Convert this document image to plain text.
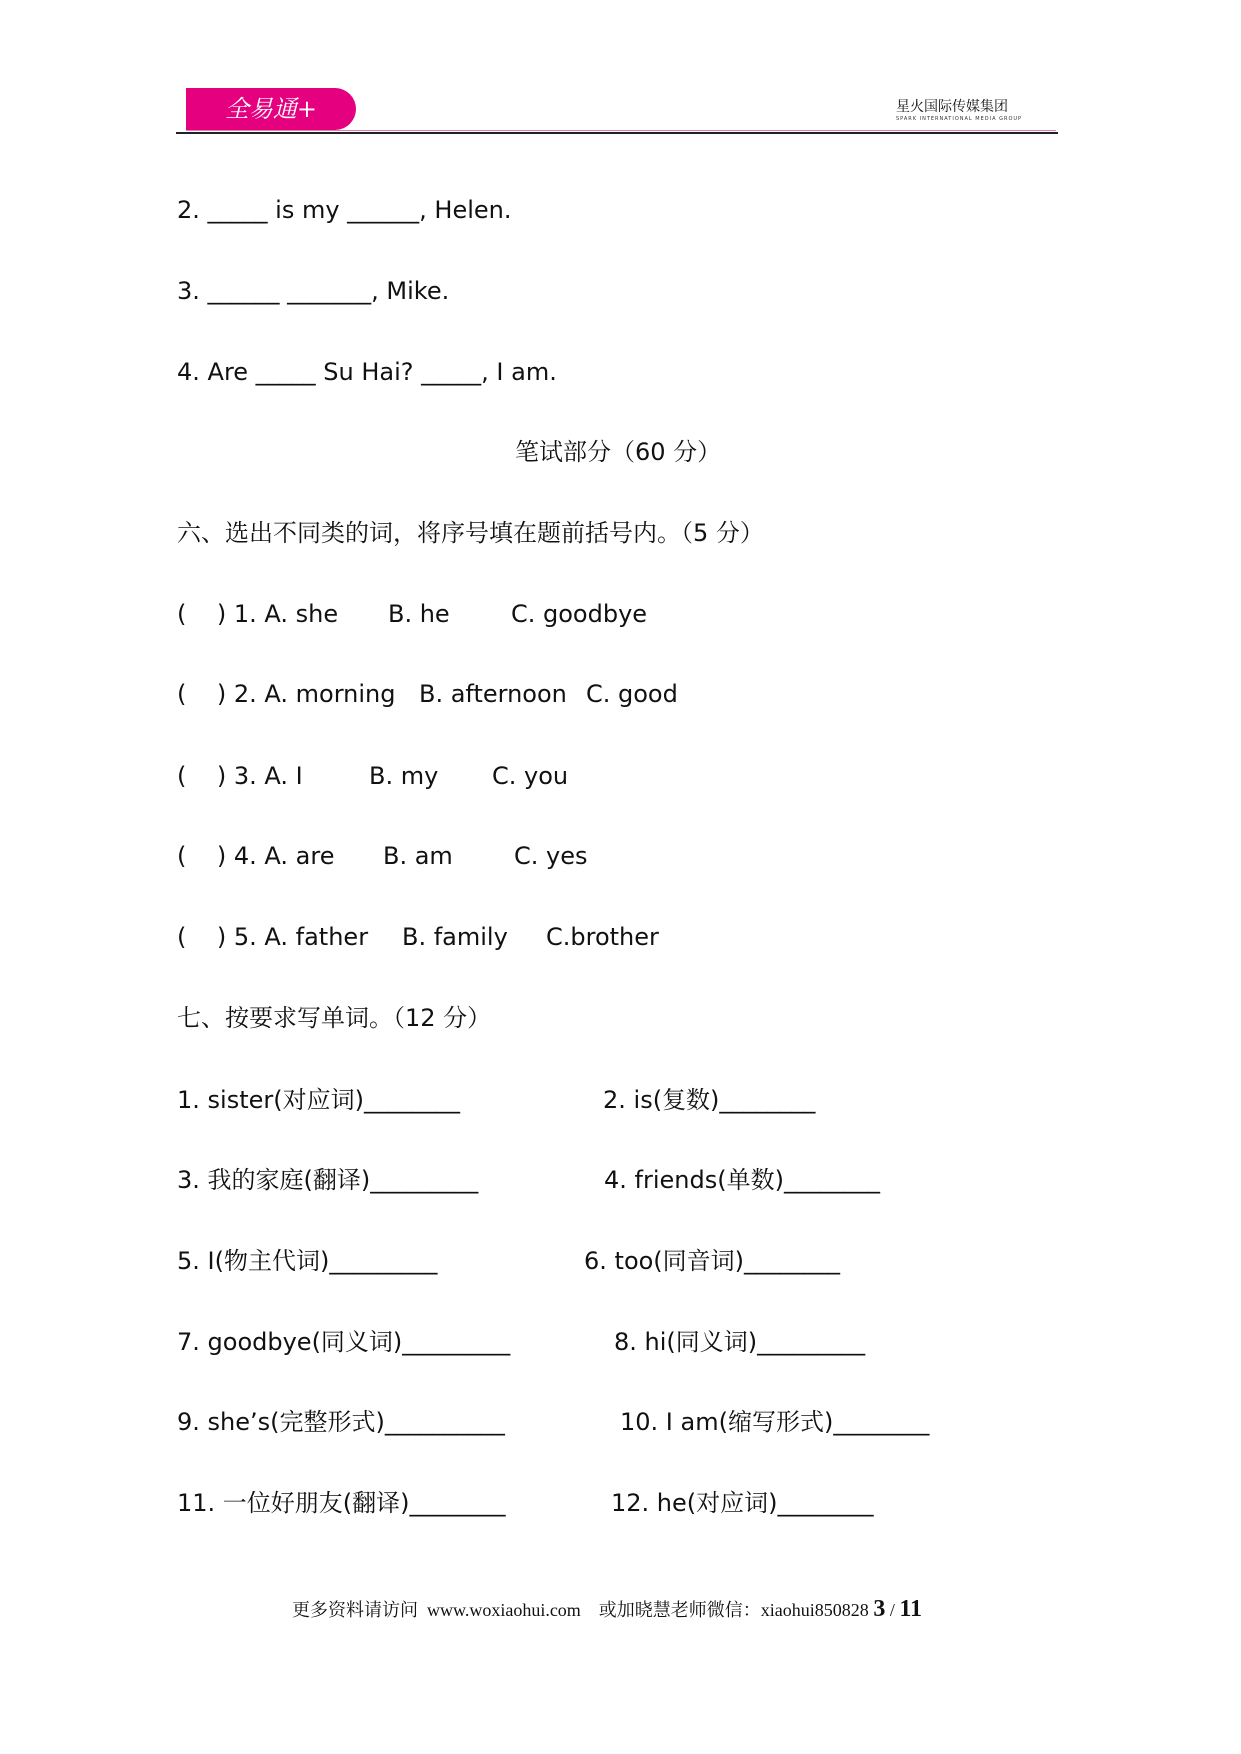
全易通+	星火国际传媒集团
SPARK INTERNATIONAL MEDIA GROUP
2. _____ is my ______, Helen.
3. ______ _______, Mike.
4. Are _____ Su Hai? _____, I am.
笔试部分（60 分）
六、选出不同类的词，将序号填在题前括号内。（5 分）
(    ) 1. A. she B. he	C. goodbye
(    ) 2. A. morning B. afternoon C. good
(    ) 3. A. I	B. my C. you
(    ) 4. A. are B. am	C. yes
(    ) 5. A. father B. family C.brother
七、按要求写单词。（12 分）
1. sister(对应词)________	2. is(复数)________
3. 我的家庭(翻译)_________	4. friends(单数)________
5. I(物主代词)_________	6. too(同音词)________
7. goodbye(同义词)_________	8. hi(同义词)_________
9. she’s(完整形式)__________	10. I am(缩写形式)________
11. 一位好朋友(翻译)________	12. he(对应词)________
更多资料请访问  www.woxiaohui.com    或加晓慧老师微信：xiaohui850828 3 / 11
